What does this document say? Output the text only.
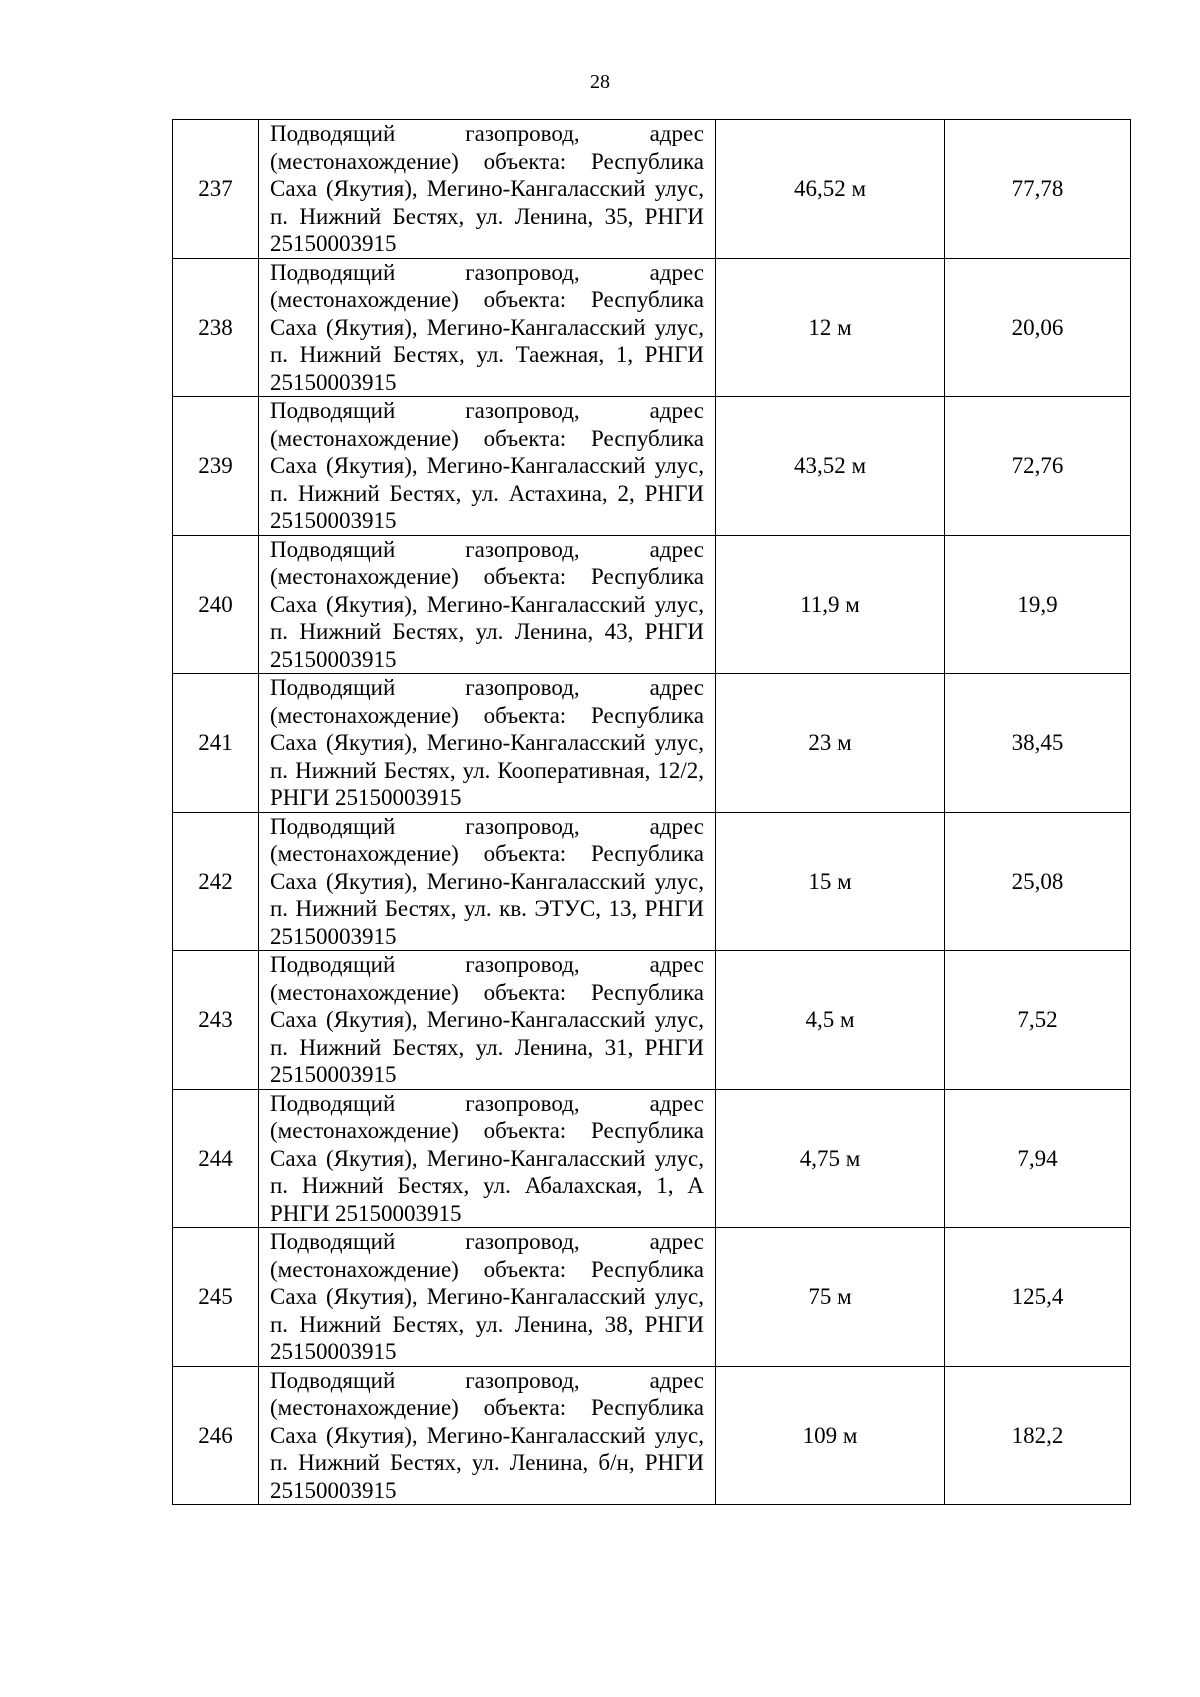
28
237	Подводящий газопровод, адрес (местонахождение) объекта: Республика Саха (Якутия), Мегино-Кангаласский улус, п. Нижний Бестях, ул. Ленина, 35, РНГИ 25150003915	46,52 м	77,78
238	Подводящий газопровод, адрес (местонахождение) объекта: Республика Саха (Якутия), Мегино-Кангаласский улус, п. Нижний Бестях, ул. Таежная, 1, РНГИ 25150003915	12 м	20,06
239	Подводящий газопровод, адрес (местонахождение) объекта: Республика Саха (Якутия), Мегино-Кангаласский улус, п. Нижний Бестях, ул. Астахина, 2, РНГИ 25150003915	43,52 м	72,76
240	Подводящий газопровод, адрес (местонахождение) объекта: Республика Саха (Якутия), Мегино-Кангаласский улус, п. Нижний Бестях, ул. Ленина, 43, РНГИ 25150003915	11,9 м	19,9
241	Подводящий газопровод, адрес (местонахождение) объекта: Республика Саха (Якутия), Мегино-Кангаласский улус, п. Нижний Бестях, ул. Кооперативная, 12/2, РНГИ 25150003915	23 м	38,45
242	Подводящий газопровод, адрес (местонахождение) объекта: Республика Саха (Якутия), Мегино-Кангаласский улус, п. Нижний Бестях, ул. кв. ЭТУС, 13, РНГИ 25150003915	15 м	25,08
243	Подводящий газопровод, адрес (местонахождение) объекта: Республика Саха (Якутия), Мегино-Кангаласский улус, п. Нижний Бестях, ул. Ленина, 31, РНГИ 25150003915	4,5 м	7,52
244	Подводящий газопровод, адрес (местонахождение) объекта: Республика Саха (Якутия), Мегино-Кангаласский улус, п. Нижний Бестях, ул. Абалахская, 1, А РНГИ 25150003915	4,75 м	7,94
245	Подводящий газопровод, адрес (местонахождение) объекта: Республика Саха (Якутия), Мегино-Кангаласский улус, п. Нижний Бестях, ул. Ленина, 38, РНГИ 25150003915	75 м	125,4
246	Подводящий газопровод, адрес (местонахождение) объекта: Республика Саха (Якутия), Мегино-Кангаласский улус, п. Нижний Бестях, ул. Ленина, б/н, РНГИ 25150003915	109 м	182,2
